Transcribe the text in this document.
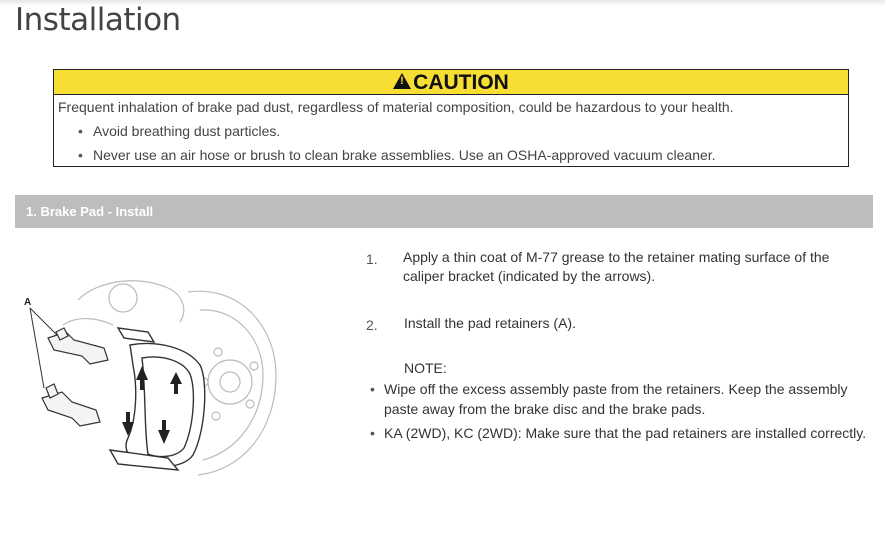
Installation
!CAUTION
Frequent inhalation of brake pad dust, regardless of material composition, could be hazardous to your health.
• Avoid breathing dust particles.
• Never use an air hose or brush to clean brake assemblies. Use an OSHA-approved vacuum cleaner.
1. Brake Pad - Install
A
1. Apply a thin coat of M-77 grease to the retainer mating surface of the caliper bracket (indicated by the arrows).
2. Install the pad retainers (A).
NOTE:
• Wipe off the excess assembly paste from the retainers. Keep the assembly paste away from the brake disc and the brake pads.
• KA (2WD), KC (2WD): Make sure that the pad retainers are installed correctly.
